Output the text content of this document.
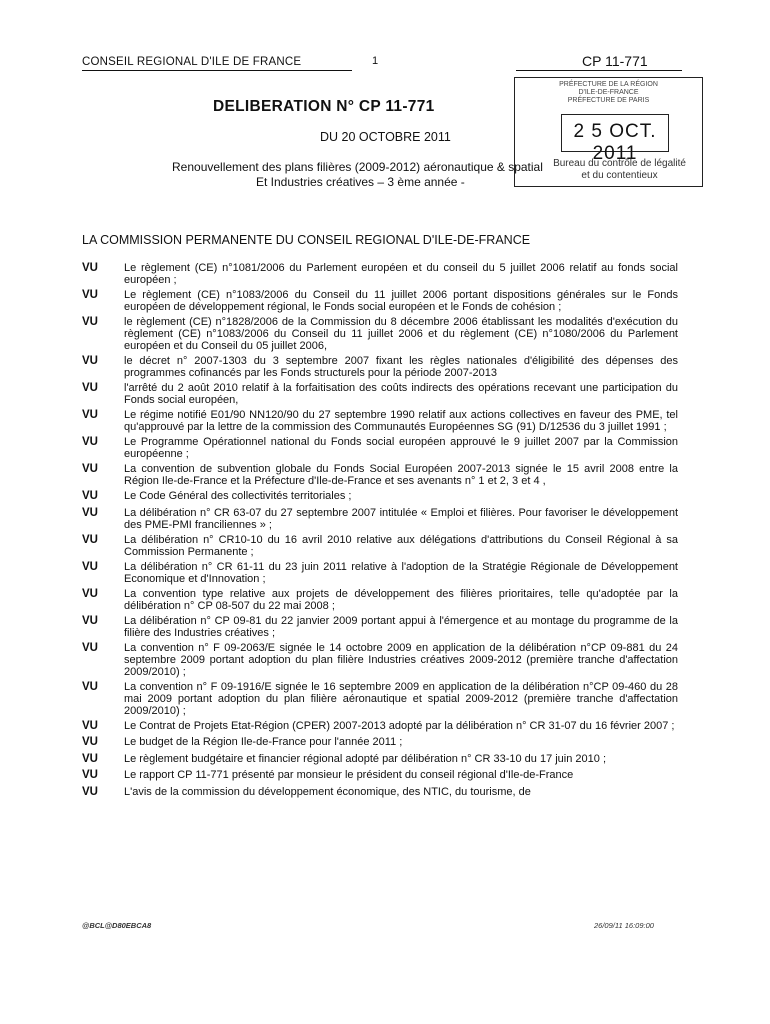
CONSEIL REGIONAL D'ILE DE FRANCE	1	CP 11-771
PRÉFECTURE DE LA RÉGION
D'ILE-DE-FRANCE
PRÉFECTURE DE PARIS
2 5 OCT. 2011
Bureau du contrôle de légalité
et du contentieux
DELIBERATION N° CP 11-771
DU 20 OCTOBRE 2011
Renouvellement des plans filières (2009-2012) aéronautique & spatial
Et Industries créatives – 3 ème année -
LA COMMISSION PERMANENTE DU CONSEIL REGIONAL D'ILE-DE-FRANCE
VU	Le règlement (CE) n°1081/2006 du Parlement européen et du conseil du 5 juillet 2006 relatif au fonds social européen ;
VU	Le règlement (CE) n°1083/2006 du Conseil du 11 juillet 2006 portant dispositions générales sur le Fonds européen de développement régional, le Fonds social européen et le Fonds de cohésion ;
VU	le règlement (CE) n°1828/2006 de la Commission du 8 décembre 2006 établissant les modalités d'exécution du règlement (CE) n°1083/2006 du Conseil du 11 juillet 2006 et du règlement (CE) n°1080/2006 du Parlement européen et du Conseil du 05 juillet 2006,
VU	le décret n° 2007-1303 du 3 septembre 2007 fixant les règles nationales d'éligibilité des dépenses des programmes cofinancés par les Fonds structurels pour la période 2007-2013
VU	l'arrêté du 2 août 2010 relatif à la forfaitisation des coûts indirects des opérations recevant une participation du Fonds social européen,
VU	Le régime notifié E01/90 NN120/90 du 27 septembre 1990 relatif aux actions collectives en faveur des PME, tel qu'approuvé par la lettre de la commission des Communautés Européennes SG (91) D/12536 du 3 juillet 1991 ;
VU	Le Programme Opérationnel national du Fonds social européen approuvé le 9 juillet 2007 par la Commission européenne ;
VU	La convention de subvention globale du Fonds Social Européen 2007-2013 signée le 15 avril 2008 entre la Région Ile-de-France et la Préfecture d'Ile-de-France et ses avenants n° 1 et 2, 3 et 4 ,
VU	Le Code Général des collectivités territoriales ;
VU	La délibération n° CR 63-07 du 27 septembre 2007 intitulée « Emploi et filières. Pour favoriser le développement des PME-PMI franciliennes » ;
VU	La délibération n° CR10-10 du 16 avril 2010 relative aux délégations d'attributions du Conseil Régional à sa Commission Permanente ;
VU	La délibération n° CR 61-11 du 23 juin 2011 relative à l'adoption de la Stratégie Régionale de Développement Economique et d'Innovation ;
VU	La convention type relative aux projets de développement des filières prioritaires, telle qu'adoptée par la délibération n° CP 08-507 du 22 mai 2008 ;
VU	La délibération n° CP 09-81 du 22 janvier 2009 portant appui à l'émergence et au montage du programme de la filière des Industries créatives ;
VU	La convention n° F 09-2063/E signée le 14 octobre 2009 en application de la délibération n°CP 09-881 du 24 septembre 2009 portant adoption du plan filière Industries créatives 2009-2012 (première tranche d'affectation 2009/2010) ;
VU	La convention n° F 09-1916/E signée le 16 septembre 2009 en application de la délibération n°CP 09-460 du 28 mai 2009 portant adoption du plan filière aéronautique et spatial 2009-2012 (première tranche d'affectation 2009/2010) ;
VU	Le Contrat de Projets Etat-Région (CPER) 2007-2013 adopté par la délibération n° CR 31-07 du 16 février 2007 ;
VU	Le budget de la Région Ile-de-France pour l'année 2011 ;
VU	Le règlement budgétaire et financier régional adopté par délibération n° CR 33-10 du 17 juin 2010 ;
VU	Le rapport CP 11-771 présenté par monsieur le président du conseil régional d'Ile-de-France
VU	L'avis de la commission du développement économique, des NTIC, du tourisme, de
@BCL@D80EBCA8	26/09/11 16:09:00
